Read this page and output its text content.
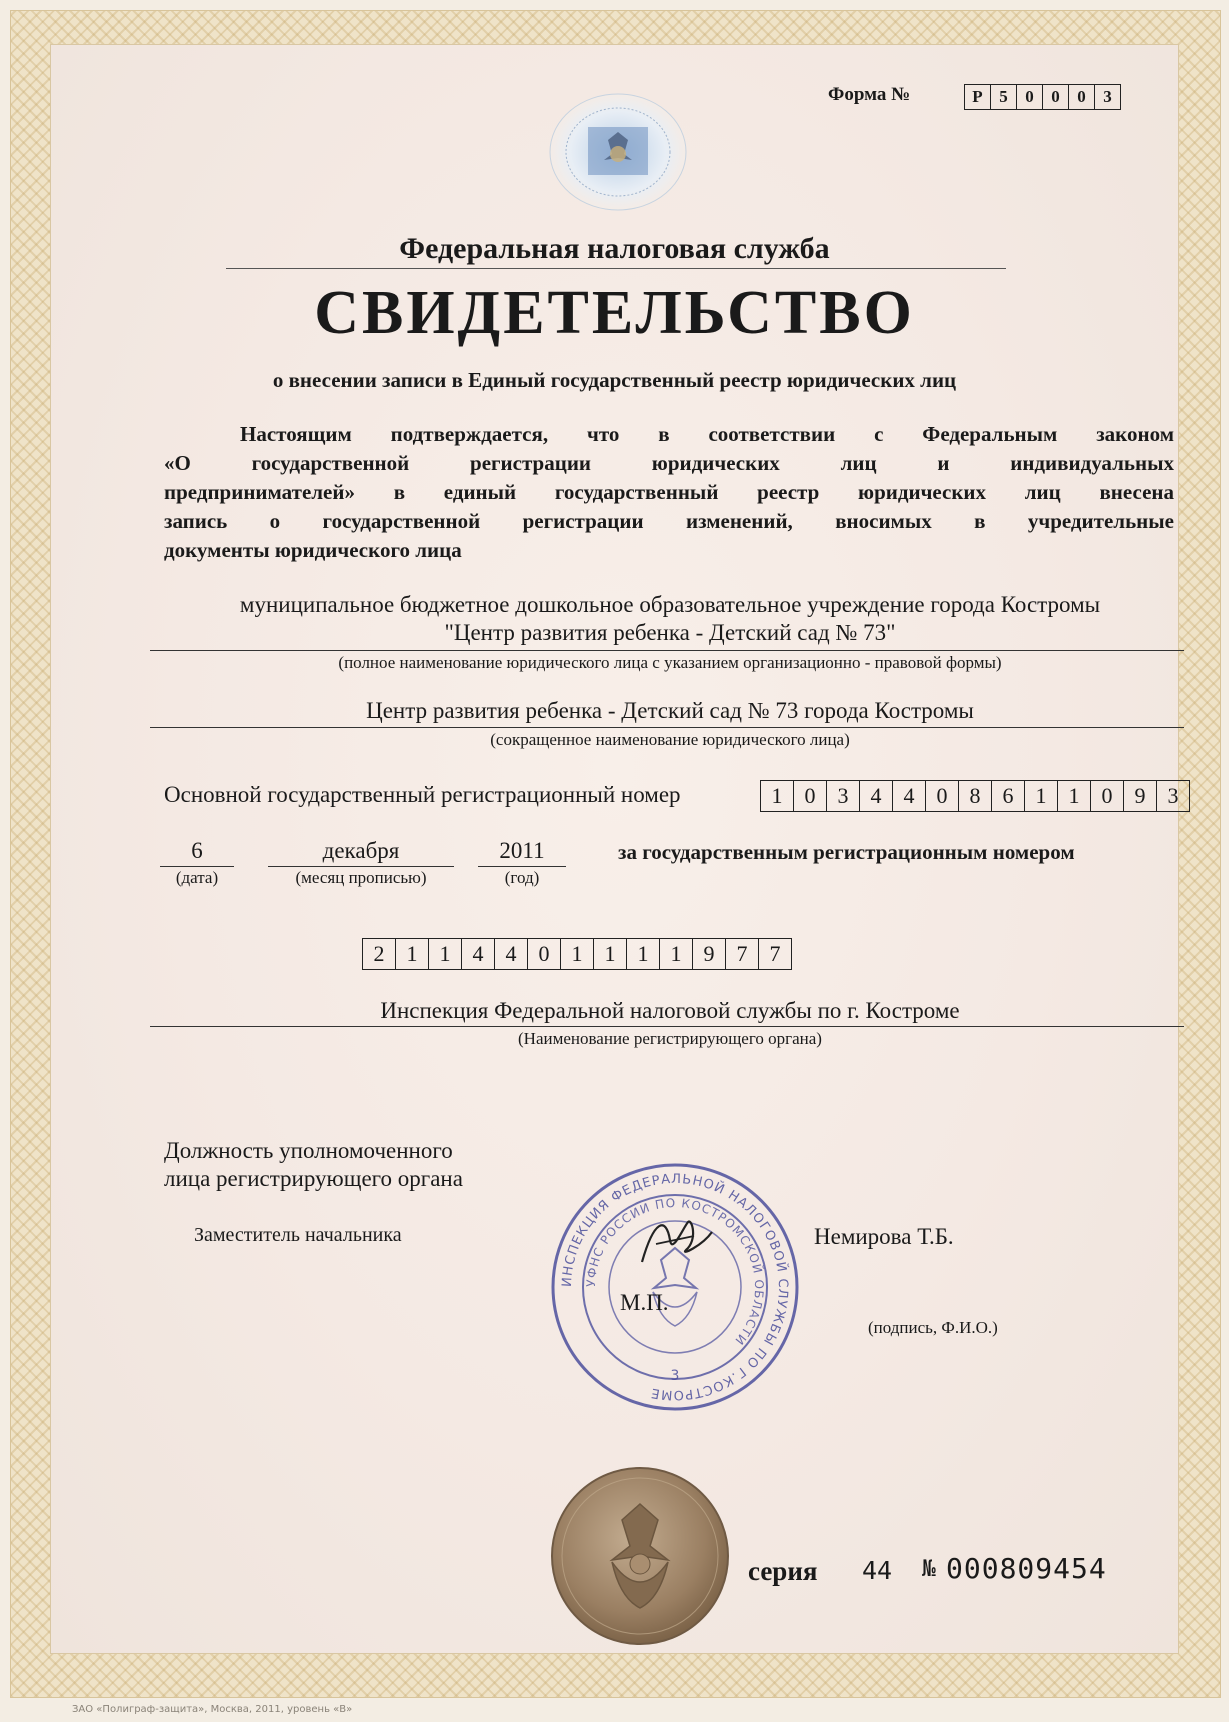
Форма №	Р 5	0	0	0	3
Федеральная налоговая служба
СВИДЕТЕЛЬСТВО
о внесении записи в Единый государственный реестр юридических лиц
Настоящим подтверждается, что в соответствии с Федеральным законом
«О государственной регистрации юридических лиц и индивидуальных
предпринимателей» в единый государственный реестр юридических лиц внесена
запись о государственной регистрации изменений, вносимых в учредительные
документы юридического лица
муниципальное бюджетное дошкольное образовательное учреждение города Костромы
"Центр развития ребенка - Детский сад № 73"
(полное наименование юридического лица с указанием организационно - правовой формы)
Центр развития ребенка - Детский сад № 73 города Костромы
(сокращенное наименование юридического лица)
Основной государственный регистрационный номер	1	0	3	4	4	0	8	6	1	1	0	9	3
6
(дата)
декабря
(месяц прописью)
2011
(год)
за государственным регистрационным номером
2	1	1	4	4	0	1	1	1	1	9	7	7
Инспекция Федеральной налоговой службы по г. Костроме
(Наименование регистрирующего органа)
Должность уполномоченного
лица регистрирующего органа
Заместитель начальника	Немирова Т.Б.
(подпись, Ф.И.О.)
ИНСПЕКЦИЯ ФЕДЕРАЛЬНОЙ НАЛОГОВОЙ СЛУЖБЫ ПО Г.КОСТРОМЕ
УФНС РОССИИ ПО КОСТРОМСКОЙ ОБЛАСТИ
3
М.П.
серия 44 № 000809454
ЗАО «Полиграф-защита», Москва, 2011, уровень «В»
